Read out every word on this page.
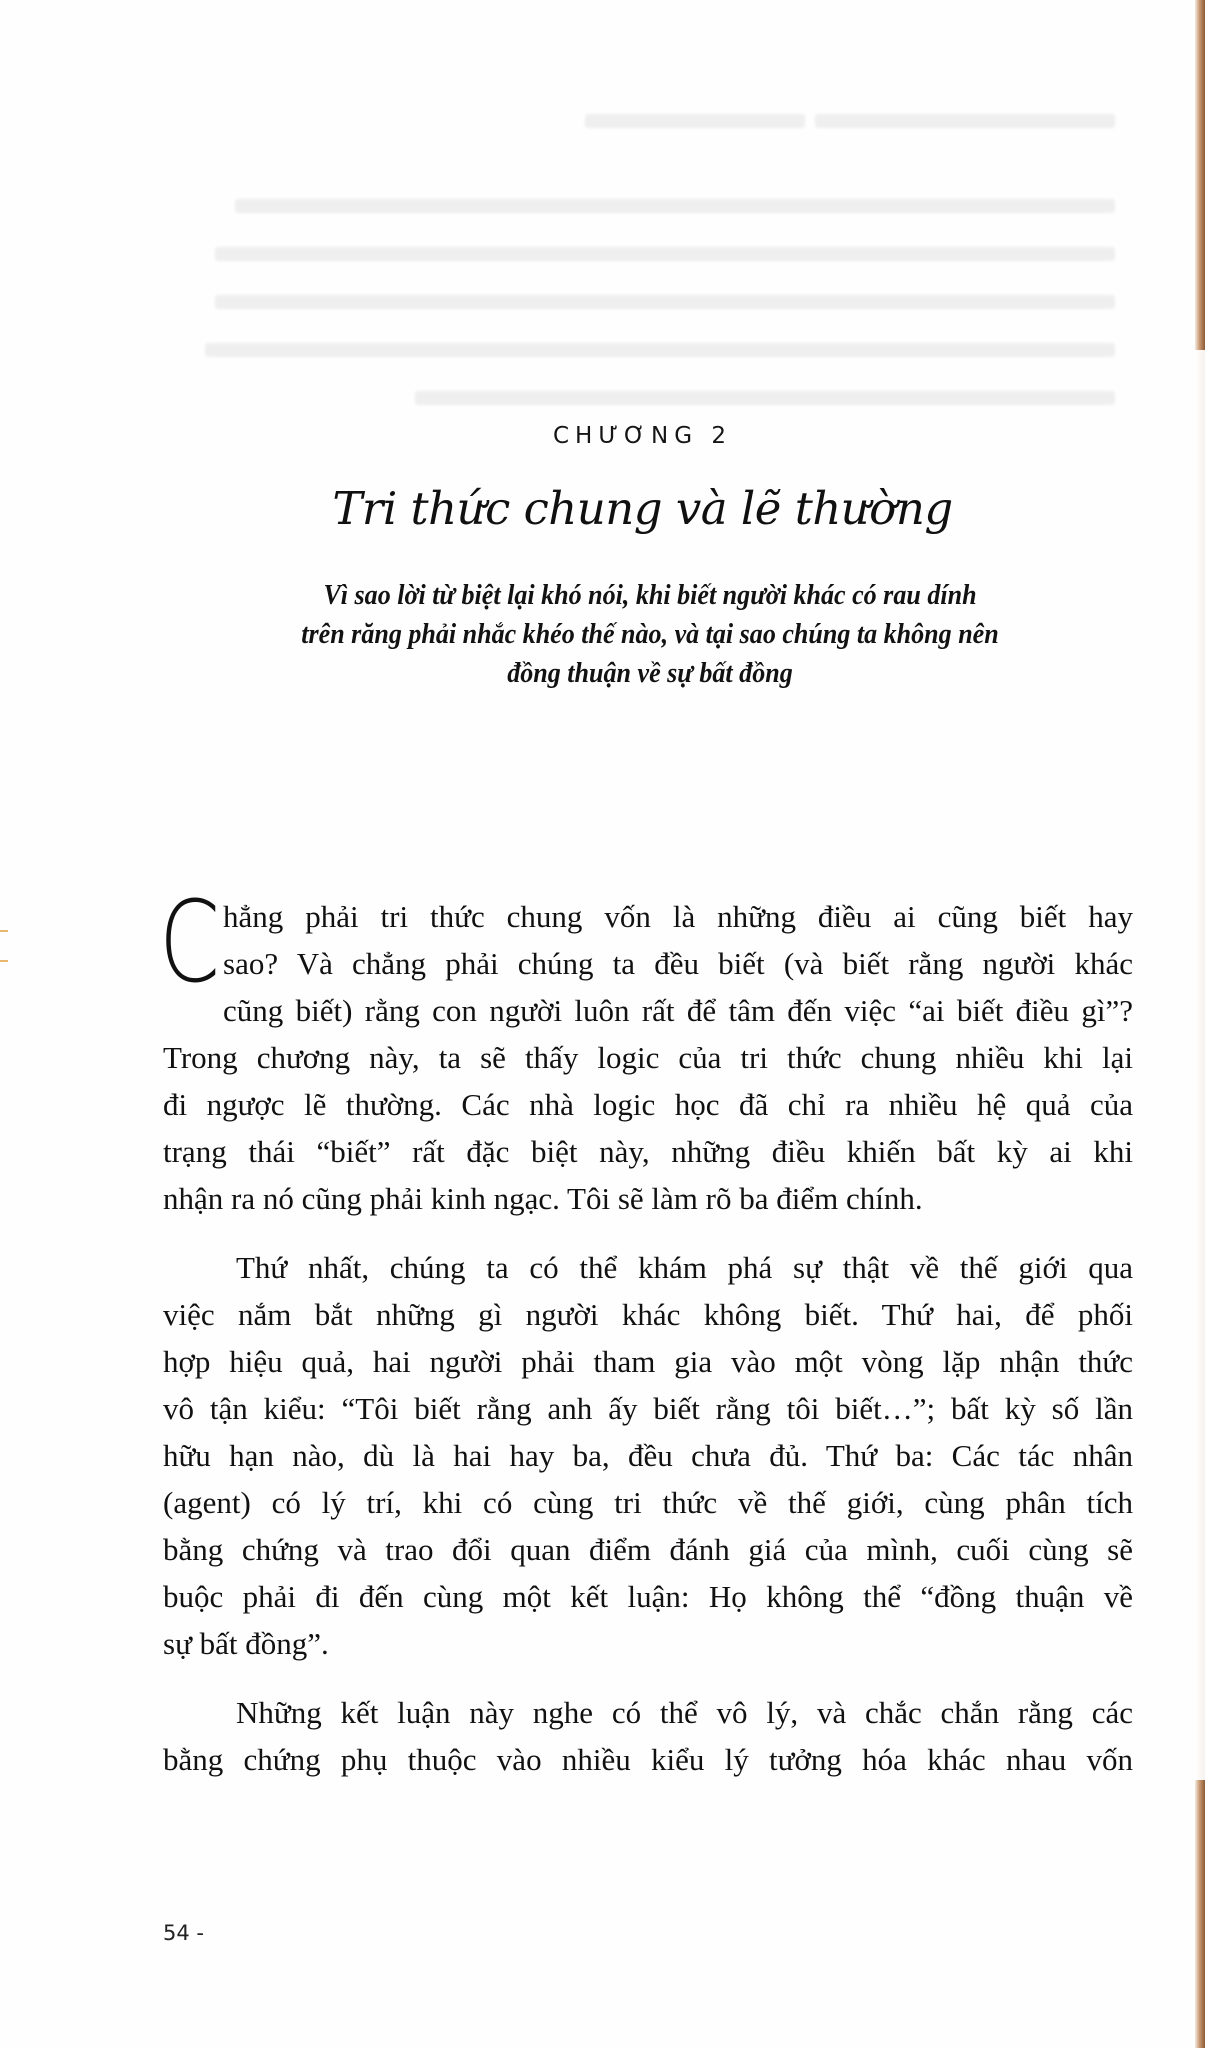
CHƯƠNG 2
Tri thức chung và lẽ thường
Vì sao lời từ biệt lại khó nói, khi biết người khác có rau dính
trên răng phải nhắc khéo thế nào, và tại sao chúng ta không nên
đồng thuận về sự bất đồng
C hẳng phải tri thức chung vốn là những điều ai cũng biết hay
sao? Và chẳng phải chúng ta đều biết (và biết rằng người khác
cũng biết) rằng con người luôn rất để tâm đến việc “ai biết điều gì”?
Trong chương này, ta sẽ thấy logic của tri thức chung nhiều khi lại
đi ngược lẽ thường. Các nhà logic học đã chỉ ra nhiều hệ quả của
trạng thái “biết” rất đặc biệt này, những điều khiến bất kỳ ai khi
nhận ra nó cũng phải kinh ngạc. Tôi sẽ làm rõ ba điểm chính.
Thứ nhất, chúng ta có thể khám phá sự thật về thế giới qua
việc nắm bắt những gì người khác không biết. Thứ hai, để phối
hợp hiệu quả, hai người phải tham gia vào một vòng lặp nhận thức
vô tận kiểu: “Tôi biết rằng anh ấy biết rằng tôi biết…”; bất kỳ số lần
hữu hạn nào, dù là hai hay ba, đều chưa đủ. Thứ ba: Các tác nhân
(agent) có lý trí, khi có cùng tri thức về thế giới, cùng phân tích
bằng chứng và trao đổi quan điểm đánh giá của mình, cuối cùng sẽ
buộc phải đi đến cùng một kết luận: Họ không thể “đồng thuận về
sự bất đồng”.
Những kết luận này nghe có thể vô lý, và chắc chắn rằng các
bằng chứng phụ thuộc vào nhiều kiểu lý tưởng hóa khác nhau vốn
54 -
